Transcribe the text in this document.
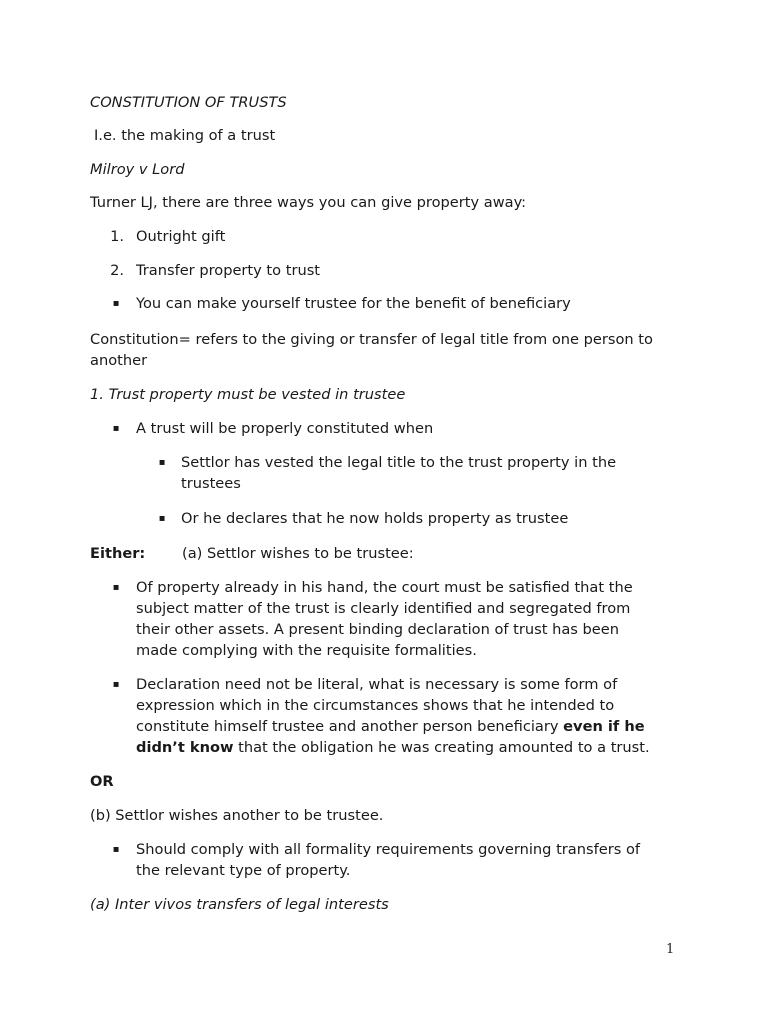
CONSTITUTION OF TRUSTS

I.e. the making of a trust

Milroy v Lord

Turner LJ, there are three ways you can give property away:

1. Outright gift
2. Transfer property to trust
▪ You can make yourself trustee for the benefit of beneficiary

Constitution= refers to the giving or transfer of legal title from one person to another

1. Trust property must be vested in trustee

▪ A trust will be properly constituted when
▪ Settlor has vested the legal title to the trust property in the trustees
▪ Or he declares that he now holds property as trustee
Either:	(a) Settlor wishes to be trustee:
▪ Of property already in his hand, the court must be satisfied that the subject matter of the trust is clearly identified and segregated from their other assets. A present binding declaration of trust has been made complying with the requisite formalities.
▪ Declaration need not be literal, what is necessary is some form of expression which in the circumstances shows that he intended to constitute himself trustee and another person beneficiary even if he didn’t know that the obligation he was creating amounted to a trust.

OR

(b) Settlor wishes another to be trustee.

▪ Should comply with all formality requirements governing transfers of the relevant type of property.

(a) Inter vivos transfers of legal interests

1
